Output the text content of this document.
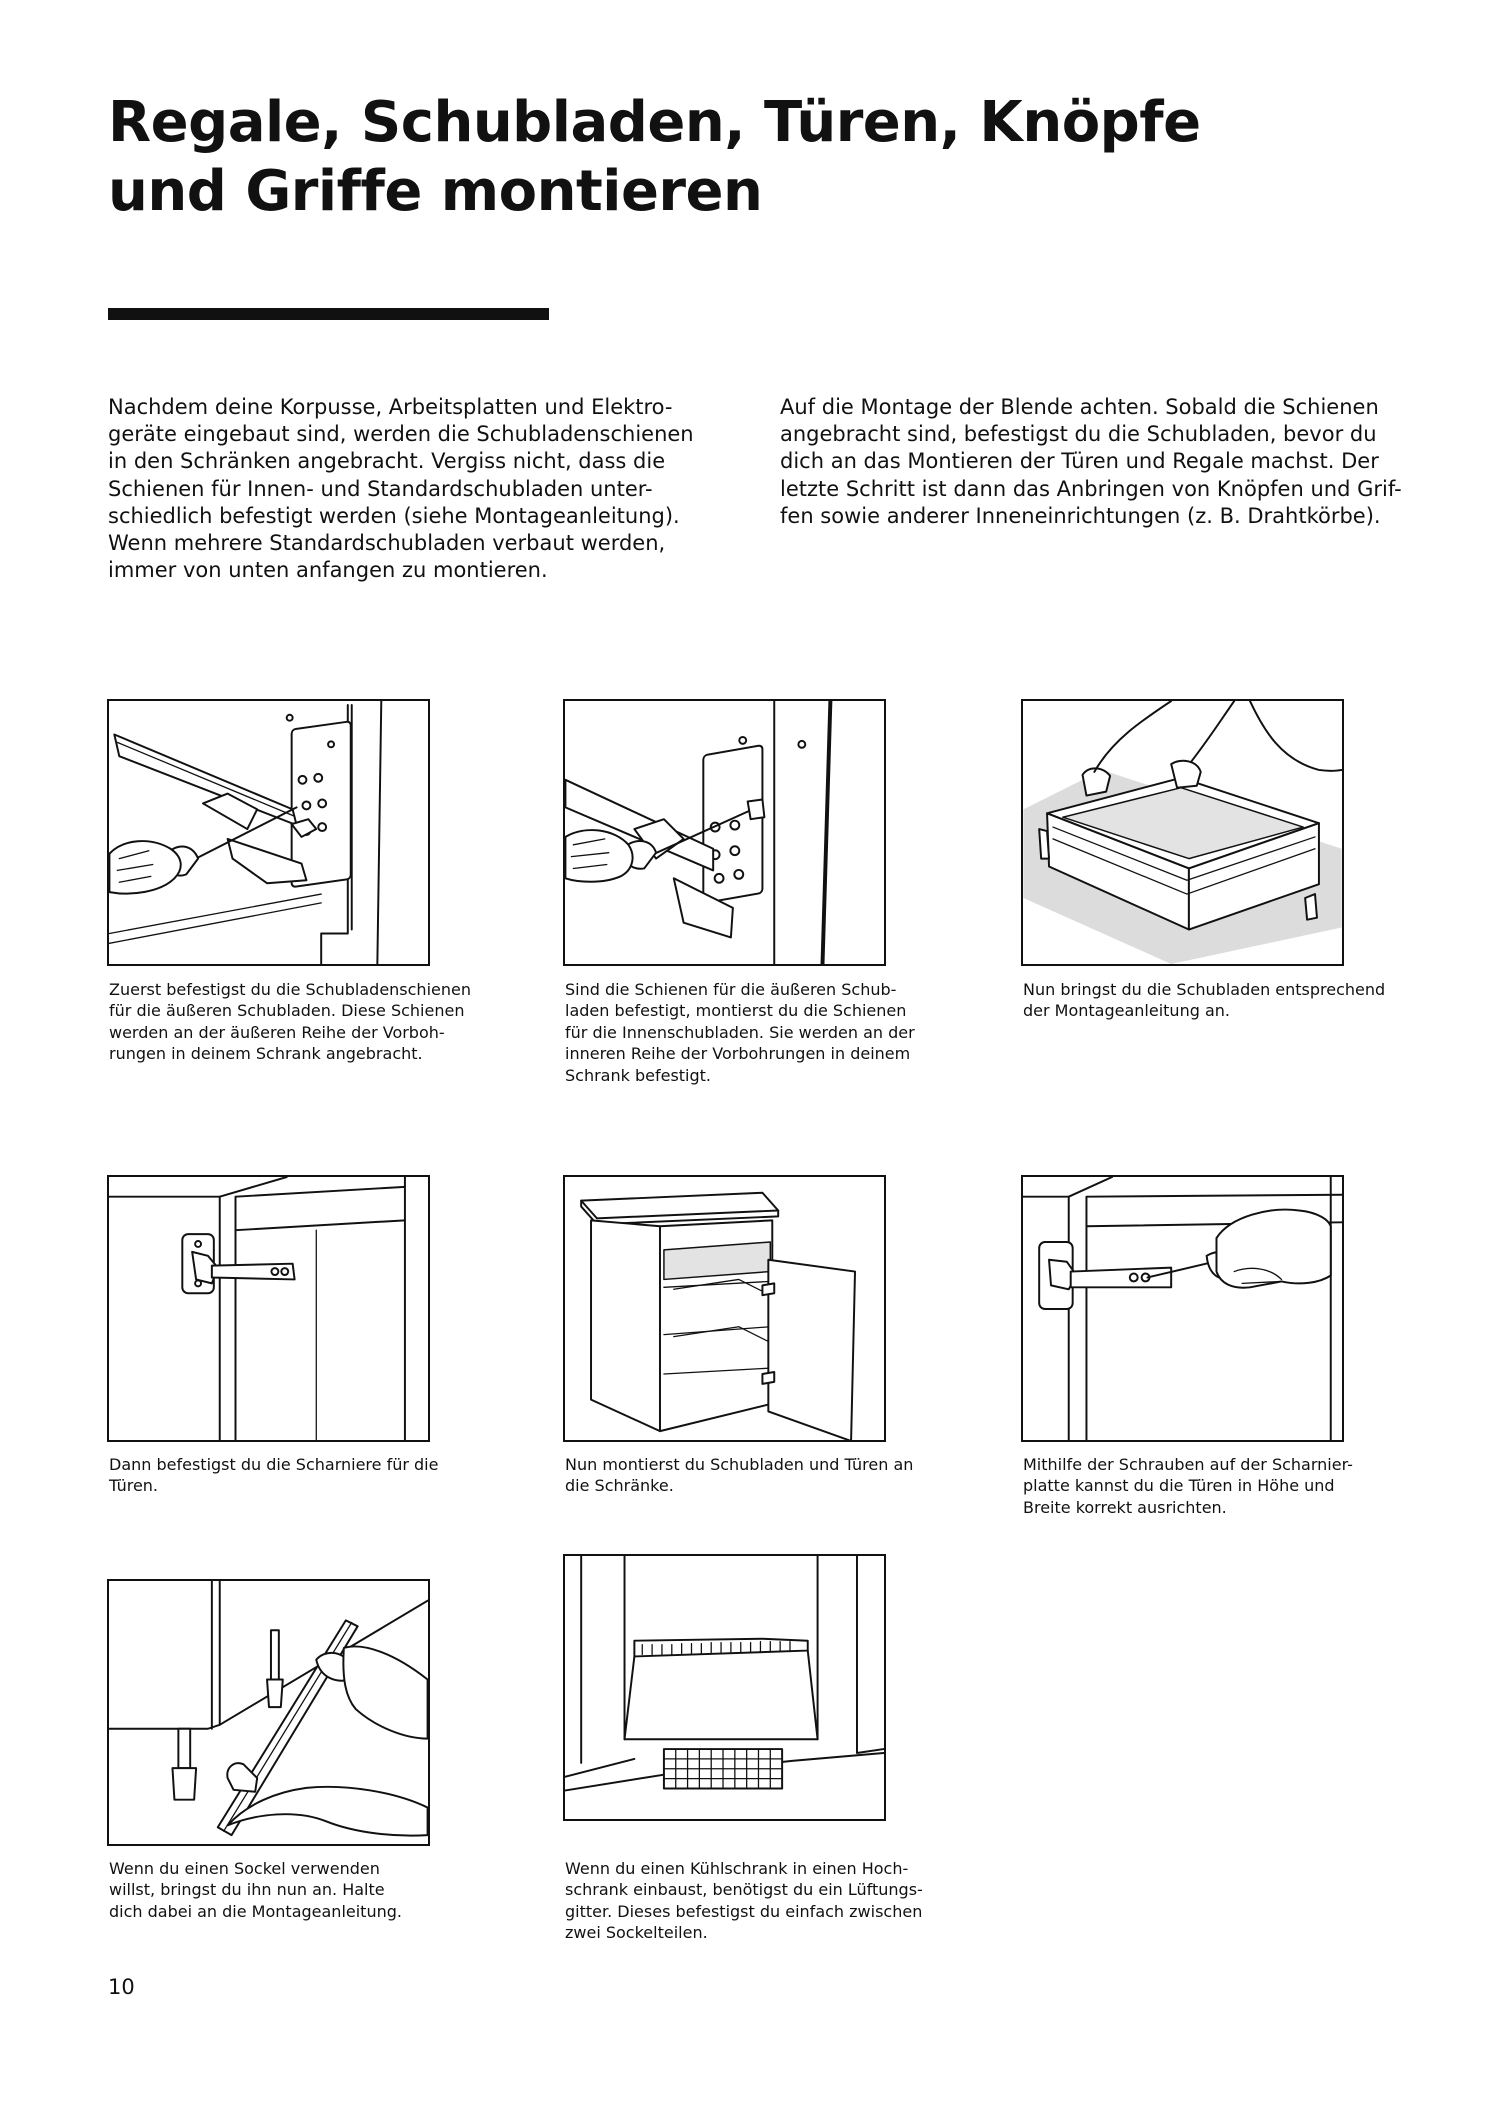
Regale, Schubladen, Türen, Knöpfe
und Griffe montieren

Nachdem deine Korpusse, Arbeitsplatten und Elektro-
geräte eingebaut sind, werden die Schubladenschienen
in den Schränken angebracht. Vergiss nicht, dass die
Schienen für Innen- und Standardschubladen unter-
schiedlich befestigt werden (siehe Montageanleitung).
Wenn mehrere Standardschubladen verbaut werden,
immer von unten anfangen zu montieren.

Auf die Montage der Blende achten. Sobald die Schienen
angebracht sind, befestigst du die Schubladen, bevor du
dich an das Montieren der Türen und Regale machst. Der
letzte Schritt ist dann das Anbringen von Knöpfen und Grif-
fen sowie anderer Inneneinrichtungen (z. B. Drahtkörbe).

Zuerst befestigst du die Schubladenschienen
für die äußeren Schubladen. Diese Schienen
werden an der äußeren Reihe der Vorboh-
rungen in deinem Schrank angebracht.
Sind die Schienen für die äußeren Schub-
laden befestigt, montierst du die Schienen
für die Innenschubladen. Sie werden an der
inneren Reihe der Vorbohrungen in deinem
Schrank befestigt.
Nun bringst du die Schubladen entsprechend
der Montageanleitung an.
Dann befestigst du die Scharniere für die
Türen.
Nun montierst du Schubladen und Türen an
die Schränke.
Mithilfe der Schrauben auf der Scharnier-
platte kannst du die Türen in Höhe und
Breite korrekt ausrichten.
Wenn du einen Sockel verwenden
willst, bringst du ihn nun an. Halte
dich dabei an die Montageanleitung.
Wenn du einen Kühlschrank in einen Hoch-
schrank einbaust, benötigst du ein Lüftungs-
gitter. Dieses befestigst du einfach zwischen
zwei Sockelteilen.
10
